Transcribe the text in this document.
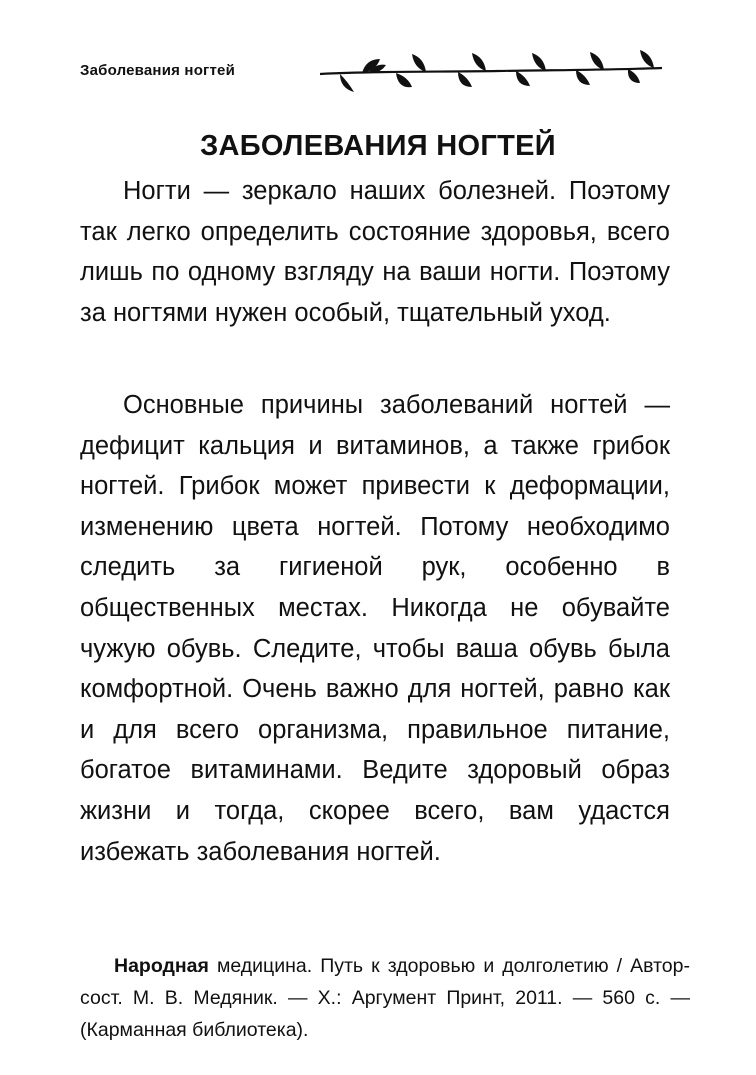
Заболевания ногтей
ЗАБОЛЕВАНИЯ НОГТЕЙ

Ногти — зеркало наших болезней. Поэтому так легко определить состояние здоровья, всего лишь по одному взгляду на ваши ногти. Поэтому за ногтями нужен особый, тщательный уход.

Основные причины заболеваний ногтей — дефицит кальция и витаминов, а также грибок ногтей. Грибок может привести к деформации, изменению цвета ногтей. Потому необходимо следить за гигиеной рук, особенно в общественных местах. Никогда не обувайте чужую обувь. Следите, чтобы ваша обувь была комфортной. Очень важно для ногтей, равно как и для всего организма, правильное питание, богатое витаминами. Ведите здоровый образ жизни и тогда, скорее всего, вам удастся избежать заболевания ногтей.

Народная медицина. Путь к здоровью и долголетию / Автор-сост. М. В. Медяник. — Х.: Аргумент Принт, 2011. — 560 с. — (Карманная библиотека).
